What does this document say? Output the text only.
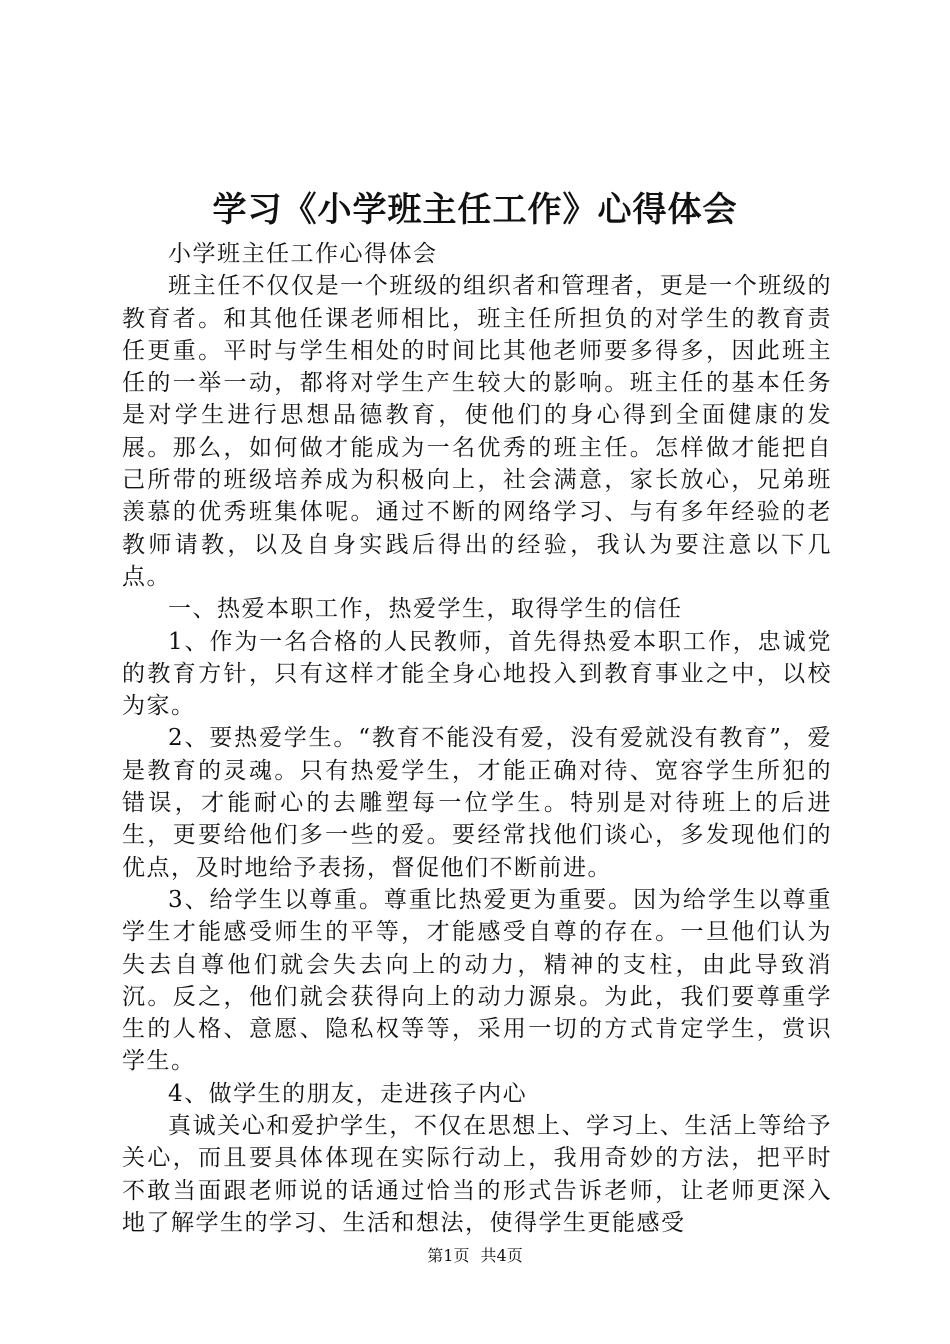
学习《小学班主任工作》心得体会

小学班主任工作心得体会

班主任不仅仅是一个班级的组织者和管理者，更是一个班级的教育者。和其他任课老师相比，班主任所担负的对学生的教育责任更重。平时与学生相处的时间比其他老师要多得多，因此班主任的一举一动，都将对学生产生较大的影响。班主任的基本任务是对学生进行思想品德教育，使他们的身心得到全面健康的发展。那么，如何做才能成为一名优秀的班主任。怎样做才能把自己所带的班级培养成为积极向上，社会满意，家长放心，兄弟班羡慕的优秀班集体呢。通过不断的网络学习、与有多年经验的老教师请教，以及自身实践后得出的经验，我认为要注意以下几点。

一、热爱本职工作，热爱学生，取得学生的信任

1、作为一名合格的人民教师，首先得热爱本职工作，忠诚党的教育方针，只有这样才能全身心地投入到教育事业之中，以校为家。

2、要热爱学生。“教育不能没有爱，没有爱就没有教育”，爱是教育的灵魂。只有热爱学生，才能正确对待、宽容学生所犯的错误，才能耐心的去雕塑每一位学生。特别是对待班上的后进生，更要给他们多一些的爱。要经常找他们谈心，多发现他们的优点，及时地给予表扬，督促他们不断前进。

3、给学生以尊重。尊重比热爱更为重要。因为给学生以尊重学生才能感受师生的平等，才能感受自尊的存在。一旦他们认为失去自尊他们就会失去向上的动力，精神的支柱，由此导致消沉。反之，他们就会获得向上的动力源泉。为此，我们要尊重学生的人格、意愿、隐私权等等，采用一切的方式肯定学生，赏识学生。

4、做学生的朋友，走进孩子内心

真诚关心和爱护学生，不仅在思想上、学习上、生活上等给予关心，而且要具体体现在实际行动上，我用奇妙的方法，把平时不敢当面跟老师说的话通过恰当的形式告诉老师，让老师更深入地了解学生的学习、生活和想法，使得学生更能感受

第1页 共4页
